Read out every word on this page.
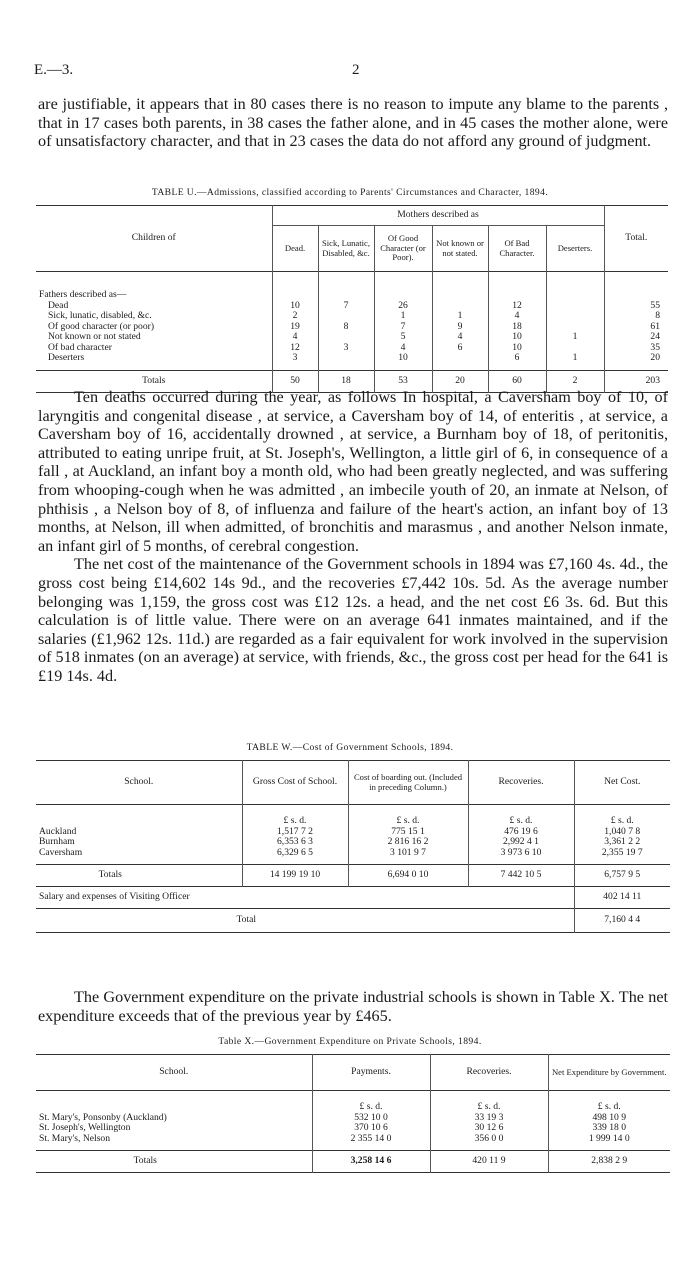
E.—3.	2

are justifiable, it appears that in 80 cases there is no reason to impute any blame to the parents , that in 17 cases both parents, in 38 cases the father alone, and in 45 cases the mother alone, were of unsatisfactory character, and that in 23 cases the data do not afford any ground of judgment.

TABLE U.—Admissions, classified according to Parents' Circumstances and Character, 1894.
Children of	Mothers described as						Total.
	Dead.	Sick, Lunatic, Disabled, &c.	Of Good Character (or Poor).	Not known or not stated.	Of Bad Character.	Deserters.	

Fathers described as—							
Dead	10	7	26		12		55
Sick, lunatic, disabled, &c.	2		1	1	4		8
Of good character (or poor)	19	8	7	9	18		61
Not known or not stated	4		5	4	10	1	24
Of bad character	12	3	4	6	10		35
Deserters	3		10		6	1	20

Totals	50	18	53	20	60	2	203

Ten deaths occurred during the year, as follows In hospital, a Caversham boy of 10, of laryngitis and congenital disease , at service, a Caversham boy of 14, of enteritis , at service, a Caversham boy of 16, accidentally drowned , at service, a Burnham boy of 18, of peritonitis, attributed to eating unripe fruit, at St. Joseph's, Wellington, a little girl of 6, in consequence of a fall , at Auckland, an infant boy a month old, who had been greatly neglected, and was suffering from whooping-cough when he was admitted , an imbecile youth of 20, an inmate at Nelson, of phthisis , a Nelson boy of 8, of influenza and failure of the heart's action, an infant boy of 13 months, at Nelson, ill when admitted, of bronchitis and marasmus , and another Nelson inmate, an infant girl of 5 months, of cerebral congestion.

The net cost of the maintenance of the Government schools in 1894 was £7,160 4s. 4d., the gross cost being £14,602 14s 9d., and the recoveries £7,442 10s. 5d. As the average number belonging was 1,159, the gross cost was £12 12s. a head, and the net cost £6 3s. 6d. But this calculation is of little value. There were on an average 641 inmates maintained, and if the salaries (£1,962 12s. 11d.) are regarded as a fair equivalent for work involved in the supervision of 518 inmates (on an average) at service, with friends, &c., the gross cost per head for the 641 is £19 14s. 4d.

TABLE W.—Cost of Government Schools, 1894.
School.	Gross Cost of School.	Cost of boarding out. (Included in preceding Column.)	Recoveries.	Net Cost.
	£ s. d.	£ s. d.	£ s. d.	£ s. d.
Auckland	1,517 7 2	775 15 1	476 19 6	1,040 7 8
Burnham	6,353 6 3	2 816 16 2	2,992 4 1	3,361 2 2
Caversham	6,329 6 5	3 101 9 7	3 973 6 10	2,355 19 7

Totals	14 199 19 10	6,694 0 10	7 442 10 5	6,757 9 5
Salary and expenses of Visiting Officer				402 14 11
Total				7,160 4 4

The Government expenditure on the private industrial schools is shown in Table X. The net expenditure exceeds that of the previous year by £465.

Table X.—Government Expenditure on Private Schools, 1894.
School.	Payments.	Recoveries.	Net Expenditure by Government.
	£ s. d.	£ s. d.	£ s. d.
St. Mary's, Ponsonby (Auckland)	532 10 0	33 19 3	498 10 9
St. Joseph's, Wellington	370 10 6	30 12 6	339 18 0
St. Mary's, Nelson	2 355 14 0	356 0 0	1 999 14 0

Totals	3,258 14 6	420 11 9	2,838 2 9
